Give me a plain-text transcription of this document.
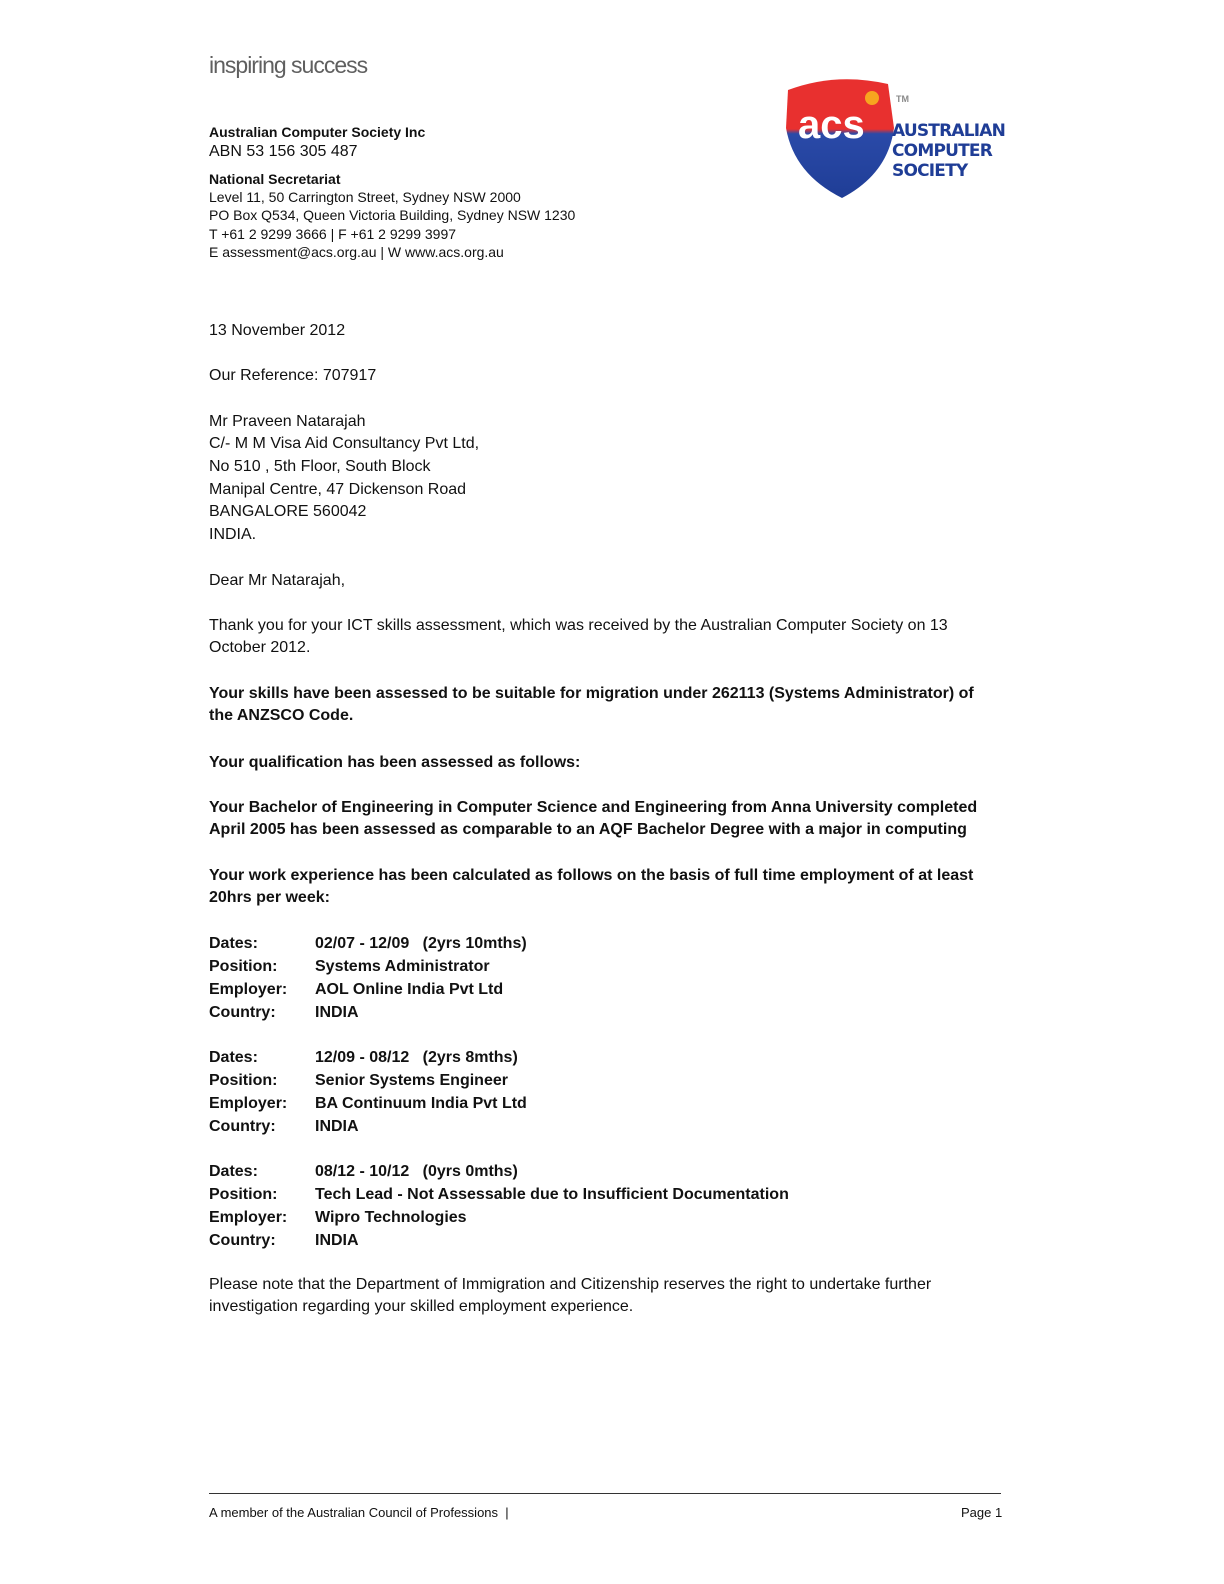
inspiring success
Australian Computer Society Inc
ABN 53 156 305 487
National Secretariat
Level 11, 50 Carrington Street, Sydney NSW 2000
PO Box Q534, Queen Victoria Building, Sydney NSW 1230
T +61 2 9299 3666 | F +61 2 9299 3997
E assessment@acs.org.au | W www.acs.org.au
acs
TM
AUSTRALIAN
COMPUTER
SOCIETY
13 November 2012
Our Reference: 707917
Mr Praveen Natarajah
C/- M M Visa Aid Consultancy Pvt Ltd,
No 510 , 5th Floor, South Block
Manipal Centre, 47 Dickenson Road
BANGALORE 560042
INDIA.
Dear Mr Natarajah,
Thank you for your ICT skills assessment, which was received by the Australian Computer Society on 13 October 2012.
Your skills have been assessed to be suitable for migration under 262113 (Systems Administrator) of the ANZSCO Code.
Your qualification has been assessed as follows:
Your Bachelor of Engineering in Computer Science and Engineering from Anna University completed April 2005 has been assessed as comparable to an AQF Bachelor Degree with a major in computing
Your work experience has been calculated as follows on the basis of full time employment of at least 20hrs per week:
Dates:	02/07 - 12/09   (2yrs 10mths)
Position: Systems Administrator
Employer: AOL Online India Pvt Ltd
Country: INDIA
Dates:	12/09 - 08/12   (2yrs 8mths)
Position: Senior Systems Engineer
Employer: BA Continuum India Pvt Ltd
Country: INDIA
Dates:	08/12 - 10/12   (0yrs 0mths)
Position: Tech Lead - Not Assessable due to Insufficient Documentation
Employer: Wipro Technologies
Country: INDIA
Please note that the Department of Immigration and Citizenship reserves the right to undertake further investigation regarding your skilled employment experience.
A member of the Australian Council of Professions  |	Page 1
